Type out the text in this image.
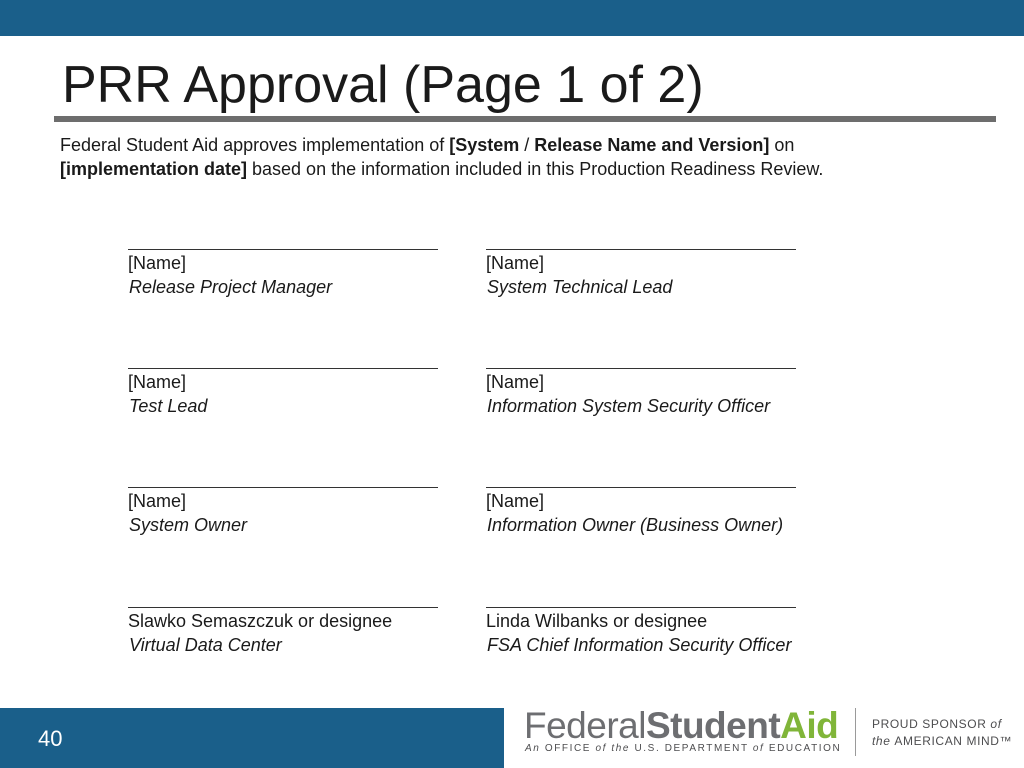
PRR Approval (Page 1 of 2)
Federal Student Aid approves implementation of [System / Release Name and Version] on
[implementation date] based on the information included in this Production Readiness Review.
[Name]
Release Project Manager
[Name]
System Technical Lead
[Name]
Test Lead
[Name]
Information System Security Officer
[Name]
System Owner
[Name]
Information Owner (Business Owner)
Slawko Semaszczuk or designee
Virtual Data Center
Linda Wilbanks or designee
FSA Chief Information Security Officer
40	FederalStudentAid
An OFFICE of the U.S. DEPARTMENT of EDUCATION
PROUD SPONSOR of
the AMERICAN MIND™
